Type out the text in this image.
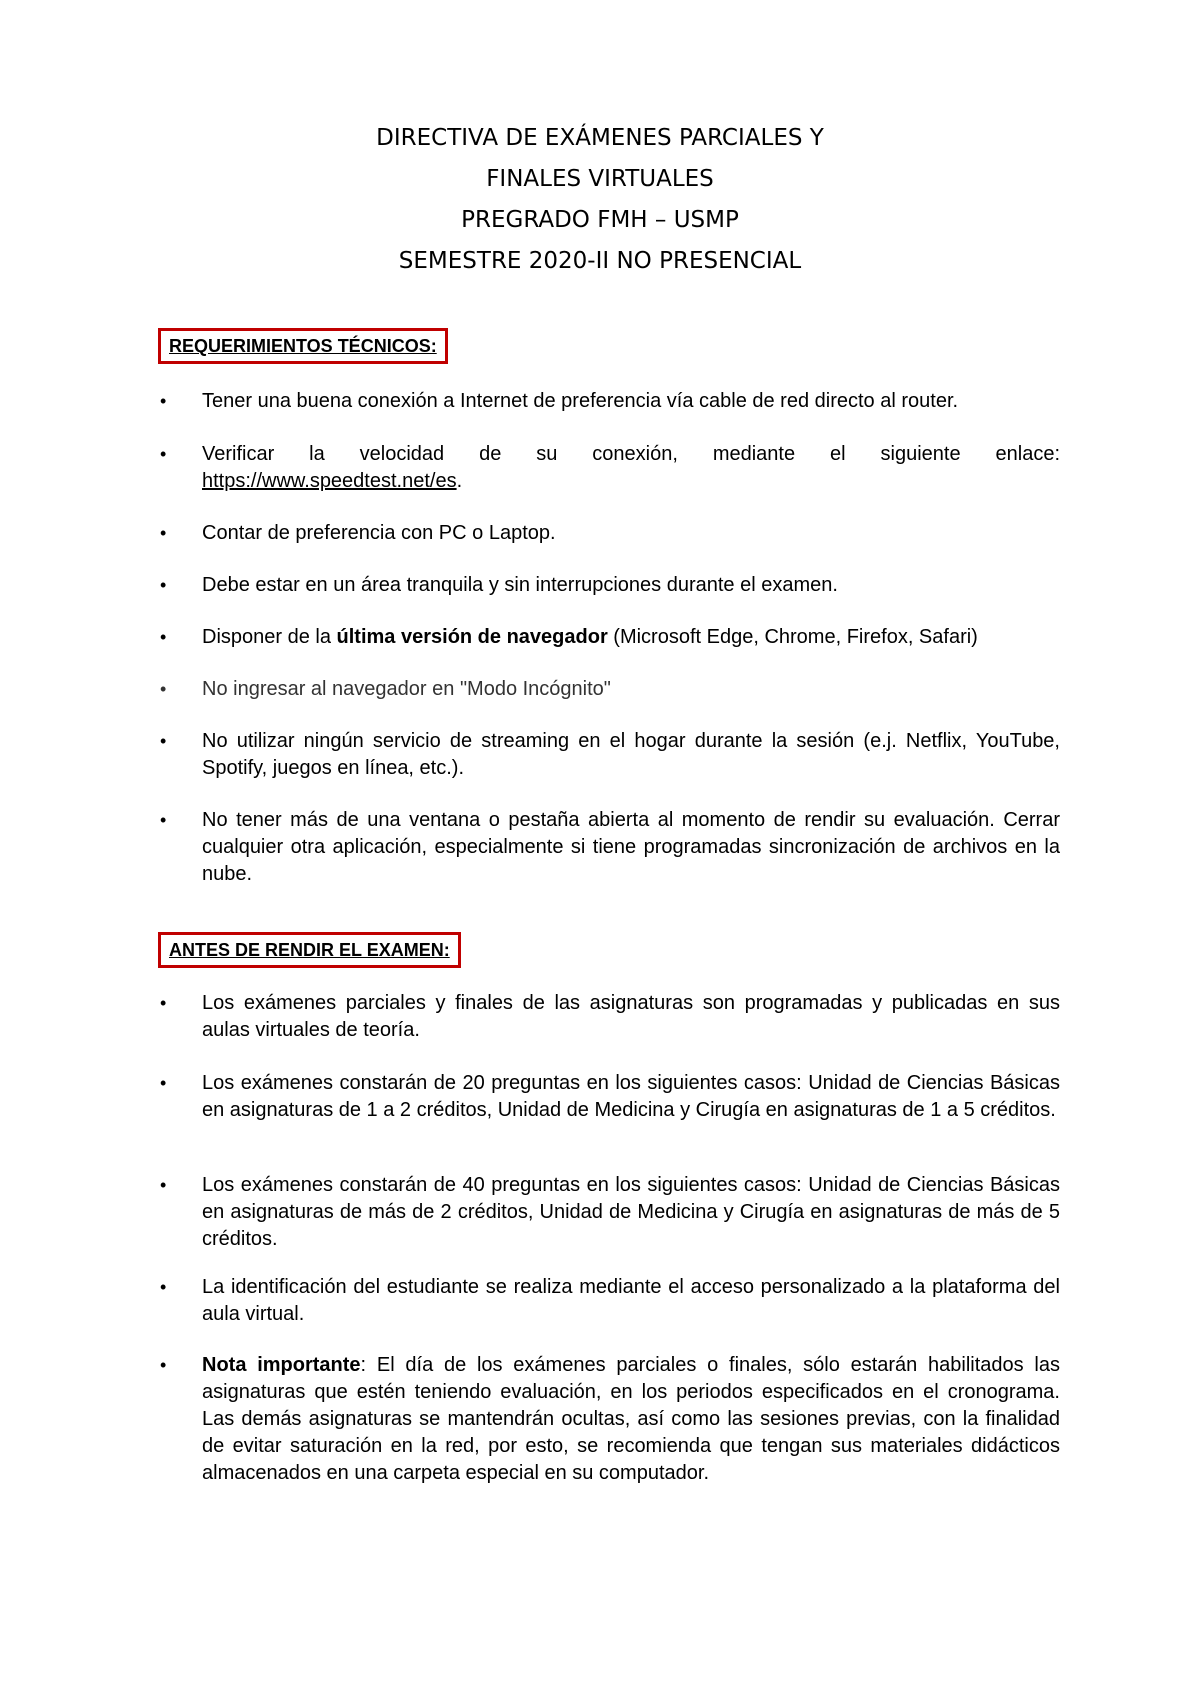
DIRECTIVA DE EXÁMENES PARCIALES Y

FINALES VIRTUALES

PREGRADO FMH – USMP

SEMESTRE 2020-II NO PRESENCIAL

REQUERIMIENTOS TÉCNICOS:
• Tener una buena conexión a Internet de preferencia vía cable de red directo al router.
• Verificar la velocidad de su conexión, mediante el siguiente enlace: https://www.speedtest.net/es.
• Contar de preferencia con PC o Laptop.
• Debe estar en un área tranquila y sin interrupciones durante el examen.
• Disponer de la última versión de navegador (Microsoft Edge, Chrome, Firefox, Safari)
• No ingresar al navegador en "Modo Incógnito"
• No utilizar ningún servicio de streaming en el hogar durante la sesión (e.j. Netflix, YouTube, Spotify, juegos en línea, etc.).
• No tener más de una ventana o pestaña abierta al momento de rendir su evaluación. Cerrar cualquier otra aplicación, especialmente si tiene programadas sincronización de archivos en la nube.
ANTES DE RENDIR EL EXAMEN:
• Los exámenes parciales y finales de las asignaturas son programadas y publicadas en sus aulas virtuales de teoría.
• Los exámenes constarán de 20 preguntas en los siguientes casos: Unidad de Ciencias Básicas en asignaturas de 1 a 2 créditos, Unidad de Medicina y Cirugía en asignaturas de 1 a 5 créditos.
• Los exámenes constarán de 40 preguntas en los siguientes casos: Unidad de Ciencias Básicas en asignaturas de más de 2 créditos, Unidad de Medicina y Cirugía en asignaturas de más de 5 créditos.
• La identificación del estudiante se realiza mediante el acceso personalizado a la plataforma del aula virtual.
• Nota importante: El día de los exámenes parciales o finales, sólo estarán habilitados las asignaturas que estén teniendo evaluación, en los periodos especificados en el cronograma. Las demás asignaturas se mantendrán ocultas, así como las sesiones previas, con la finalidad de evitar saturación en la red, por esto, se recomienda que tengan sus materiales didácticos almacenados en una carpeta especial en su computador.
